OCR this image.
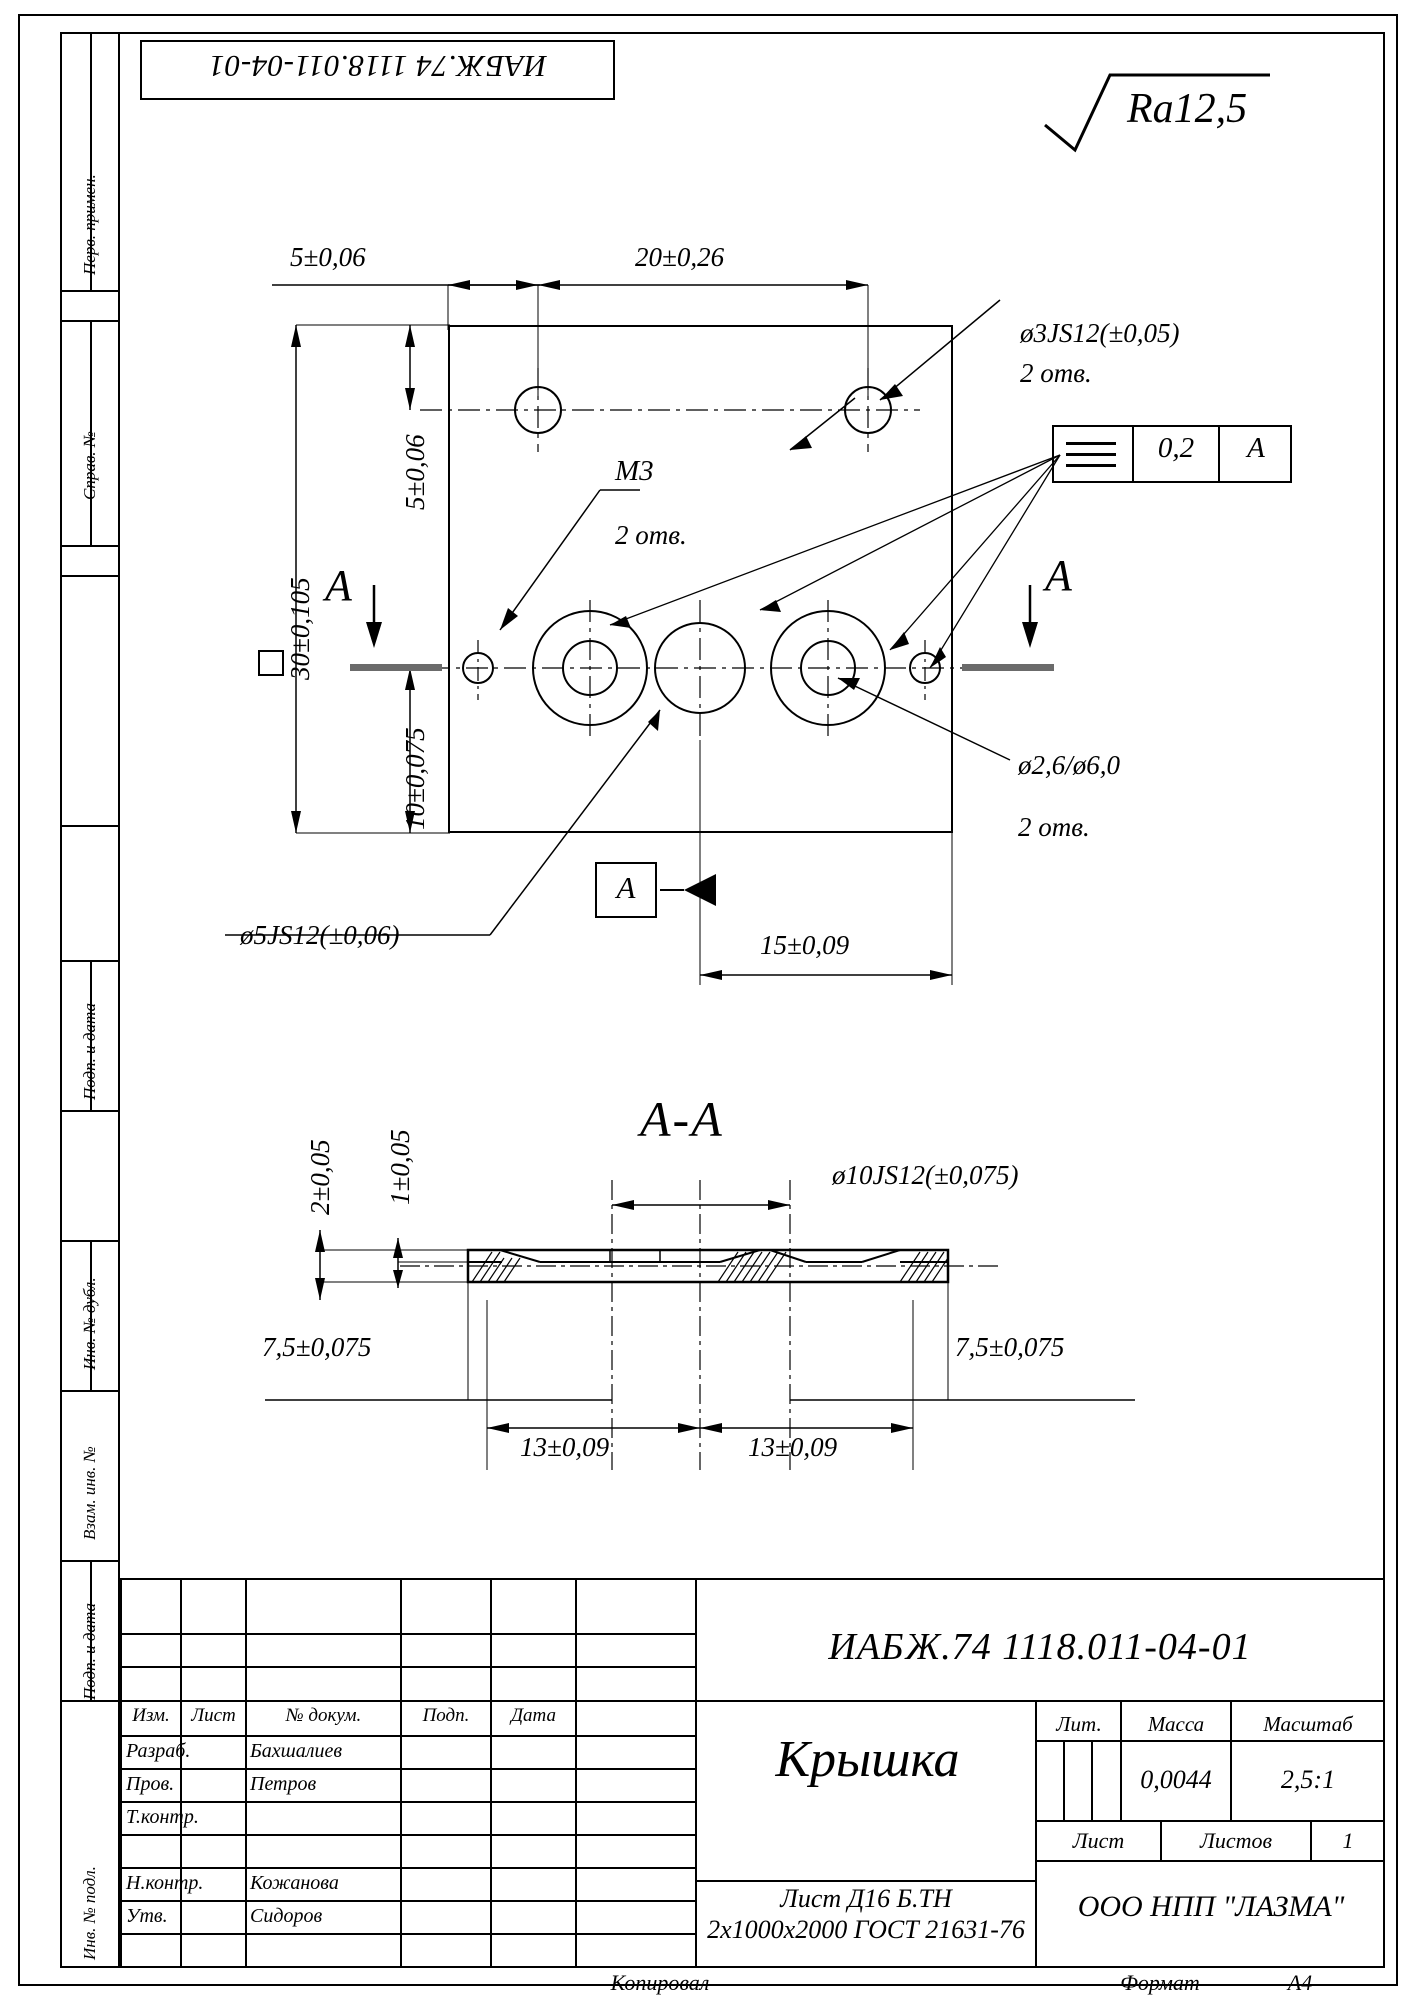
Перв. примен.
Справ. №
Подп. и дата
Инв. № дубл.
Взам. инв. №
Подп. и дата
Инв. № подл.
ИАБЖ.74 1118.011-04-01
Ra12,5
5±0,06	20±0,26
30±0,105
5±0,06
10±0,075
15±0,09
ø3JS12(±0,05)
2 отв.
М3
2 отв.
ø2,6/ø6,0
2 отв.
ø5JS12(±0,06)
А	А
А
0,2	А
А-А
2±0,05 1±0,05	ø10JS12(±0,075)
7,5±0,075	7,5±0,075
13±0,09	13±0,09
ИАБЖ.74 1118.011-04-01
Крышка
Изм.	Лист	№ докум.	Подп.	Дата
Разраб.	Бахшалиев
Пров.	Петров
Т.контр.
Н.контр. Кожанова
Утв.	Сидоров
Лист Д16 Б.ТН
2х1000х2000 ГОСТ 21631-76
Лит.	Масса	Масштаб
0,0044	2,5:1
Лист	Листов	1
ООО НПП "ЛАЗМА"
Копировал	Формат	А4
